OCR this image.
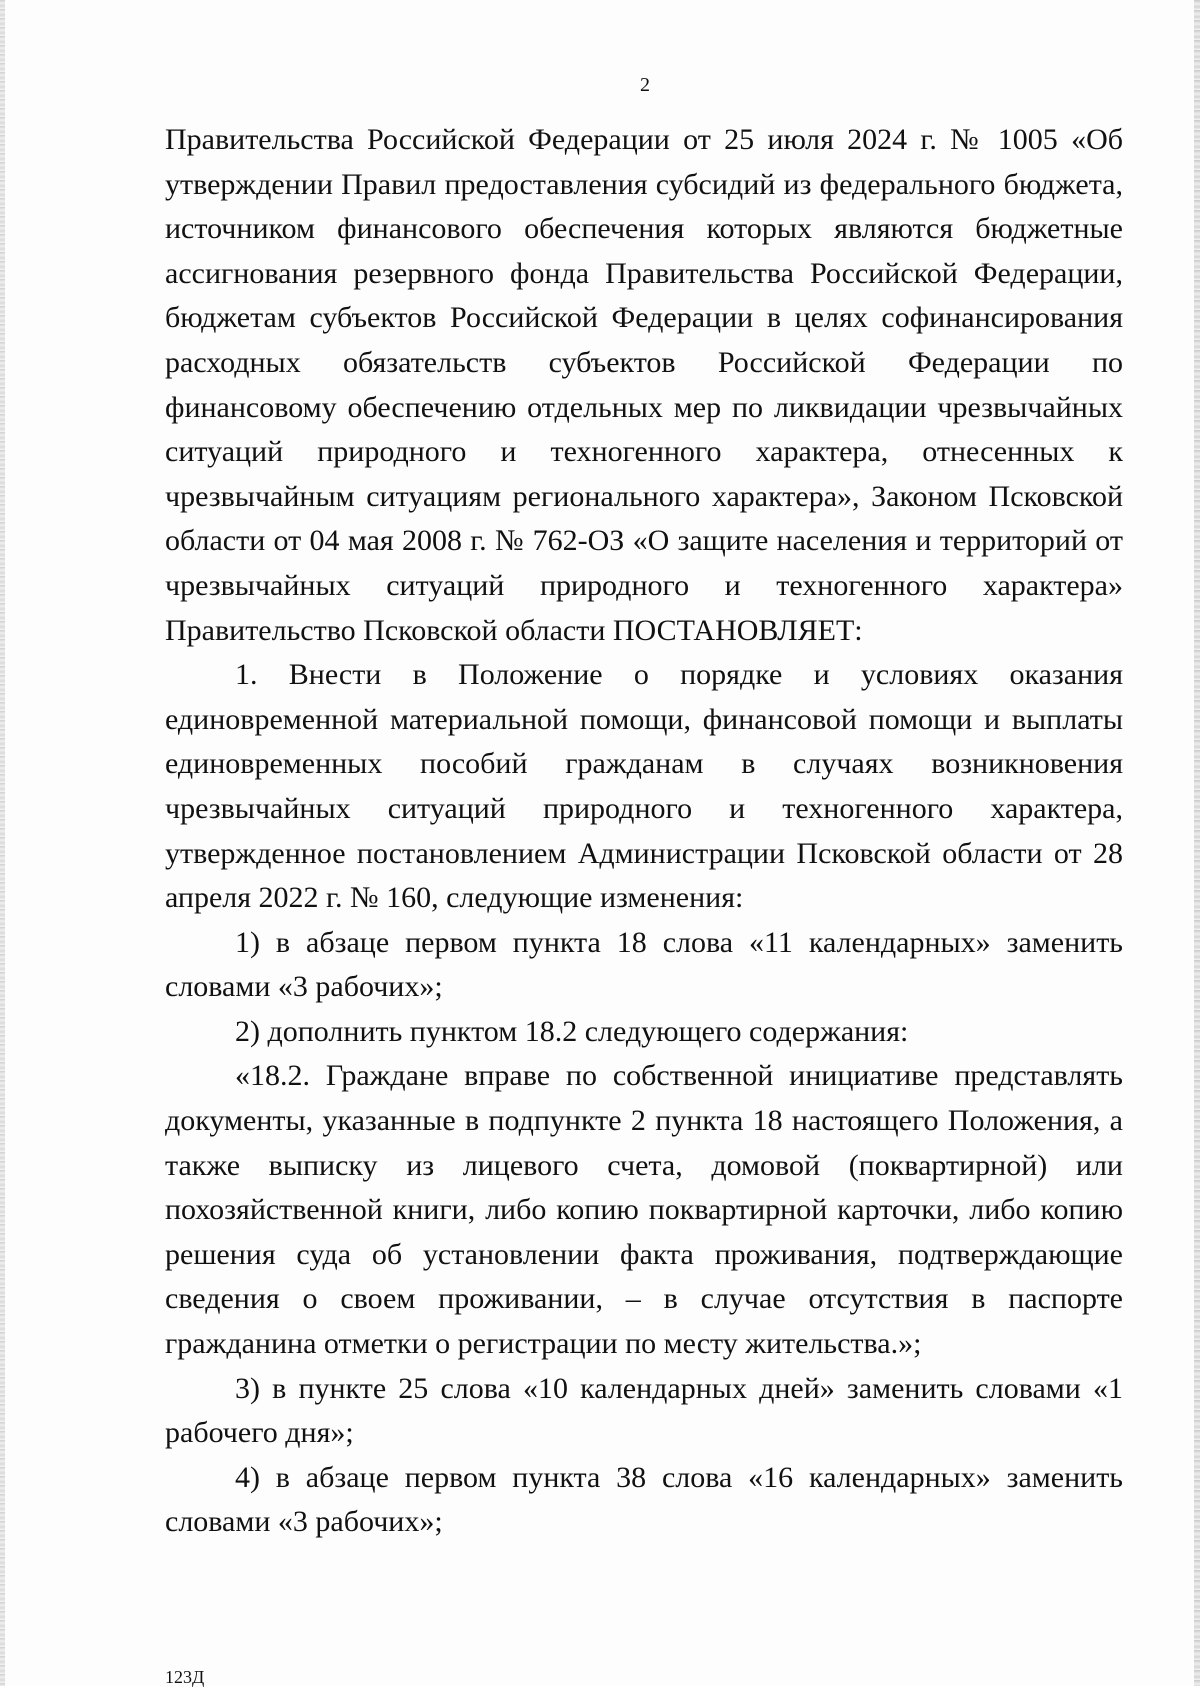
2

Правительства Российской Федерации от 25 июля 2024 г. № 1005 «Об утверждении Правил предоставления субсидий из федерального бюджета, источником финансового обеспечения которых являются бюджетные ассигнования резервного фонда Правительства Российской Федерации, бюджетам субъектов Российской Федерации в целях софинансирования расходных обязательств субъектов Российской Федерации по финансовому обеспечению отдельных мер по ликвидации чрезвычайных ситуаций природного и техногенного характера, отнесенных к чрезвычайным ситуациям регионального характера», Законом Псковской области от 04 мая 2008 г. № 762-ОЗ «О защите населения и территорий от чрезвычайных ситуаций природного и техногенного характера» Правительство Псковской области ПОСТАНОВЛЯЕТ:

1. Внести в Положение о порядке и условиях оказания единовременной материальной помощи, финансовой помощи и выплаты единовременных пособий гражданам в случаях возникновения чрезвычайных ситуаций природного и техногенного характера, утвержденное постановлением Администрации Псковской области от 28 апреля 2022 г. № 160, следующие изменения:

1) в абзаце первом пункта 18 слова «11 календарных» заменить словами «3 рабочих»;

2) дополнить пунктом 18.2 следующего содержания:

«18.2. Граждане вправе по собственной инициативе представлять документы, указанные в подпункте 2 пункта 18 настоящего Положения, а также выписку из лицевого счета, домовой (поквартирной) или похозяйственной книги, либо копию поквартирной карточки, либо копию решения суда об установлении факта проживания, подтверждающие сведения о своем проживании, – в случае отсутствия в паспорте гражданина отметки о регистрации по месту жительства.»;

3) в пункте 25 слова «10 календарных дней» заменить словами «1 рабочего дня»;

4) в абзаце первом пункта 38 слова «16 календарных» заменить словами «3 рабочих»;

123Д
